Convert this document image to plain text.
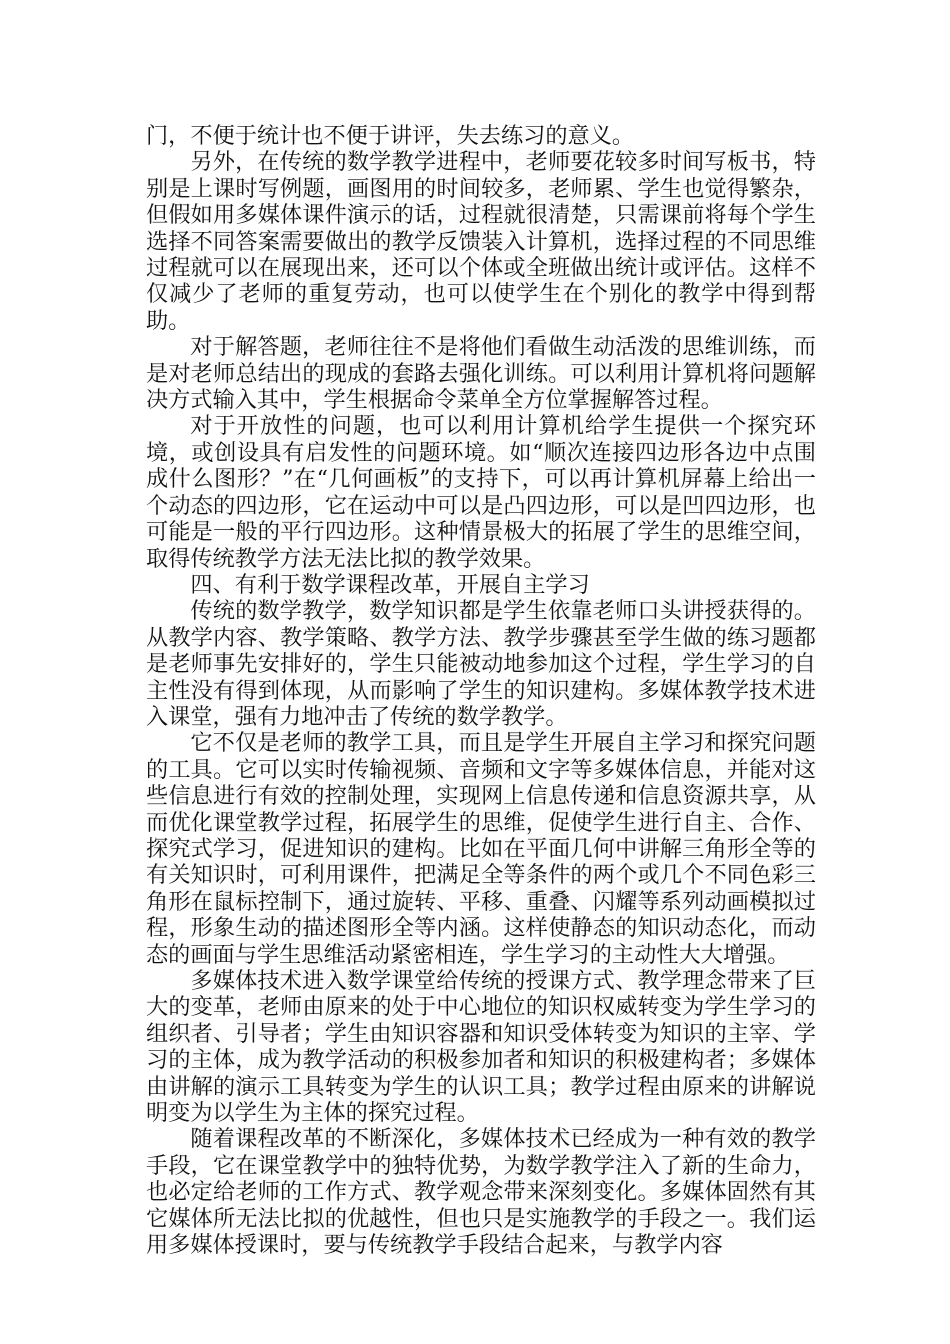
门，不便于统计也不便于讲评，失去练习的意义。

另外，在传统的数学教学进程中，老师要花较多时间写板书，特别是上课时写例题，画图用的时间较多，老师累、学生也觉得繁杂，但假如用多媒体课件演示的话，过程就很清楚，只需课前将每个学生选择不同答案需要做出的教学反馈装入计算机，选择过程的不同思维过程就可以在展现出来，还可以个体或全班做出统计或评估。这样不仅减少了老师的重复劳动，也可以使学生在个别化的教学中得到帮助。

对于解答题，老师往往不是将他们看做生动活泼的思维训练，而是对老师总结出的现成的套路去强化训练。可以利用计算机将问题解决方式输入其中，学生根据命令菜单全方位掌握解答过程。

对于开放性的问题，也可以利用计算机给学生提供一个探究环境，或创设具有启发性的问题环境。如“顺次连接四边形各边中点围成什么图形？”在“几何画板”的支持下，可以再计算机屏幕上给出一个动态的四边形，它在运动中可以是凸四边形，可以是凹四边形，也可能是一般的平行四边形。这种情景极大的拓展了学生的思维空间，取得传统教学方法无法比拟的教学效果。

四、有利于数学课程改革，开展自主学习

传统的数学教学，数学知识都是学生依靠老师口头讲授获得的。从教学内容、教学策略、教学方法、教学步骤甚至学生做的练习题都是老师事先安排好的，学生只能被动地参加这个过程，学生学习的自主性没有得到体现，从而影响了学生的知识建构。多媒体教学技术进入课堂，强有力地冲击了传统的数学教学。

它不仅是老师的教学工具，而且是学生开展自主学习和探究问题的工具。它可以实时传输视频、音频和文字等多媒体信息，并能对这些信息进行有效的控制处理，实现网上信息传递和信息资源共享，从而优化课堂教学过程，拓展学生的思维，促使学生进行自主、合作、探究式学习，促进知识的建构。比如在平面几何中讲解三角形全等的有关知识时，可利用课件，把满足全等条件的两个或几个不同色彩三角形在鼠标控制下，通过旋转、平移、重叠、闪耀等系列动画模拟过程，形象生动的描述图形全等内涵。这样使静态的知识动态化，而动态的画面与学生思维活动紧密相连，学生学习的主动性大大增强。

多媒体技术进入数学课堂给传统的授课方式、教学理念带来了巨大的变革，老师由原来的处于中心地位的知识权威转变为学生学习的组织者、引导者；学生由知识容器和知识受体转变为知识的主宰、学习的主体，成为教学活动的积极参加者和知识的积极建构者；多媒体由讲解的演示工具转变为学生的认识工具；教学过程由原来的讲解说明变为以学生为主体的探究过程。

随着课程改革的不断深化，多媒体技术已经成为一种有效的教学手段，它在课堂教学中的独特优势，为数学教学注入了新的生命力，也必定给老师的工作方式、教学观念带来深刻变化。多媒体固然有其它媒体所无法比拟的优越性，但也只是实施教学的手段之一。我们运用多媒体授课时，要与传统教学手段结合起来，与教学内容
